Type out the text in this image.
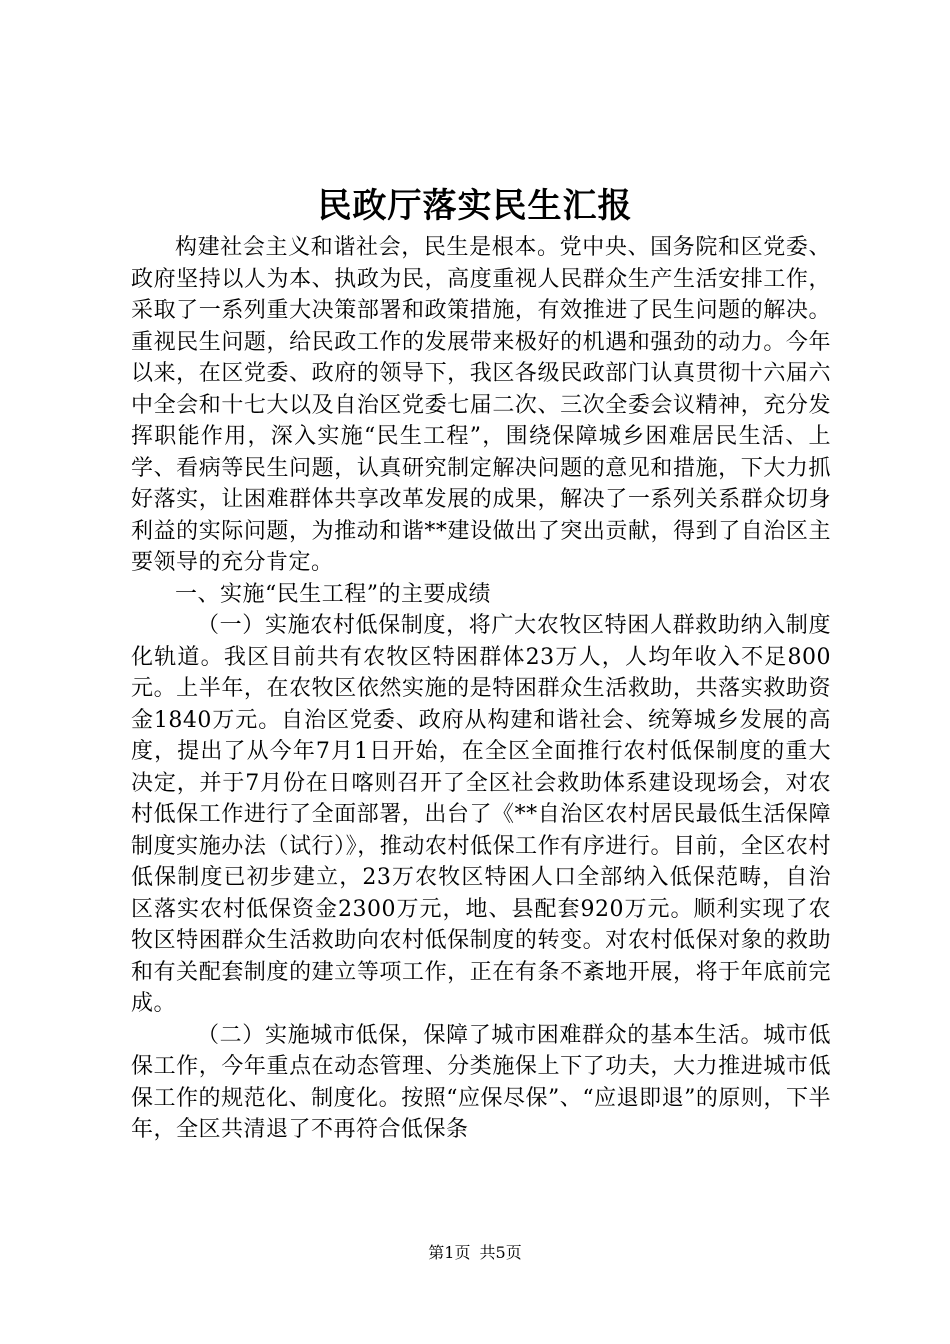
民政厅落实民生汇报

构建社会主义和谐社会，民生是根本。党中央、国务院和区党委、政府坚持以人为本、执政为民，高度重视人民群众生产生活安排工作，采取了一系列重大决策部署和政策措施，有效推进了民生问题的解决。重视民生问题，给民政工作的发展带来极好的机遇和强劲的动力。今年以来，在区党委、政府的领导下，我区各级民政部门认真贯彻十六届六中全会和十七大以及自治区党委七届二次、三次全委会议精神，充分发挥职能作用，深入实施“民生工程”，围绕保障城乡困难居民生活、上学、看病等民生问题，认真研究制定解决问题的意见和措施，下大力抓好落实，让困难群体共享改革发展的成果，解决了一系列关系群众切身利益的实际问题，为推动和谐**建设做出了突出贡献，得到了自治区主要领导的充分肯定。

一、实施“民生工程”的主要成绩

（一）实施农村低保制度，将广大农牧区特困人群救助纳入制度化轨道。我区目前共有农牧区特困群体23万人，人均年收入不足800元。上半年，在农牧区依然实施的是特困群众生活救助，共落实救助资金1840万元。自治区党委、政府从构建和谐社会、统筹城乡发展的高度，提出了从今年7月1日开始，在全区全面推行农村低保制度的重大决定，并于7月份在日喀则召开了全区社会救助体系建设现场会，对农村低保工作进行了全面部署，出台了《**自治区农村居民最低生活保障制度实施办法（试行）》，推动农村低保工作有序进行。目前，全区农村低保制度已初步建立，23万农牧区特困人口全部纳入低保范畴，自治区落实农村低保资金2300万元，地、县配套920万元。顺利实现了农牧区特困群众生活救助向农村低保制度的转变。对农村低保对象的救助和有关配套制度的建立等项工作，正在有条不紊地开展，将于年底前完成。

（二）实施城市低保，保障了城市困难群众的基本生活。城市低保工作，今年重点在动态管理、分类施保上下了功夫，大力推进城市低保工作的规范化、制度化。按照“应保尽保”、“应退即退”的原则，下半年，全区共清退了不再符合低保条

第1页 共5页
